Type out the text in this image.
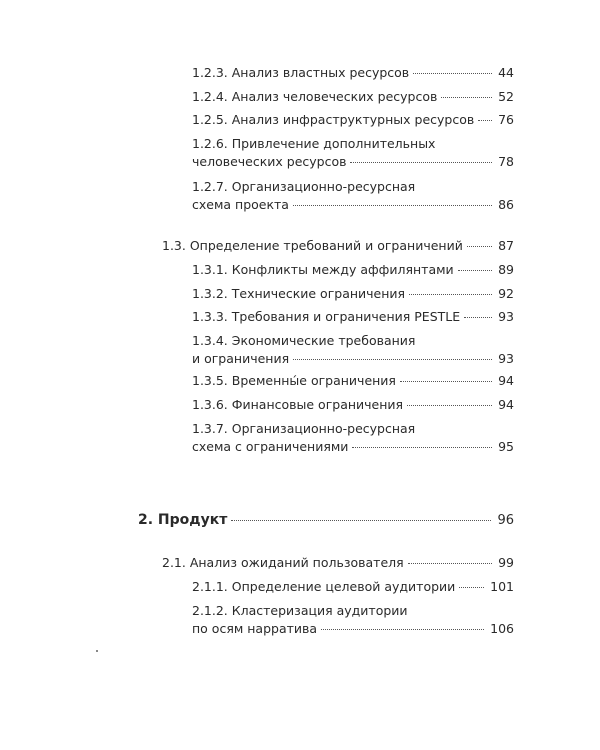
1.2.3. Анализ властных ресурсов	44
1.2.4. Анализ человеческих ресурсов	52
1.2.5. Анализ инфраструктурных ресурсов 76
1.2.6. Привлечение дополнительных
человеческих ресурсов	78
1.2.7. Организационно-ресурсная
схема проекта	86
1.3. Определение требований и ограничений	87
1.3.1. Конфликты между аффилянтами	89
1.3.2. Технические ограничения	92
1.3.3. Требования и ограничения PESTLE	93
1.3.4. Экономические требования
и ограничения	93
1.3.5. Временны́е ограничения	94
1.3.6. Финансовые ограничения	94
1.3.7. Организационно-ресурсная
схема с ограничениями	95
2. Продукт	96
2.1. Анализ ожиданий пользователя	99
2.1.1. Определение целевой аудитории	101
2.1.2. Кластеризация аудитории
по осям нарратива	106
